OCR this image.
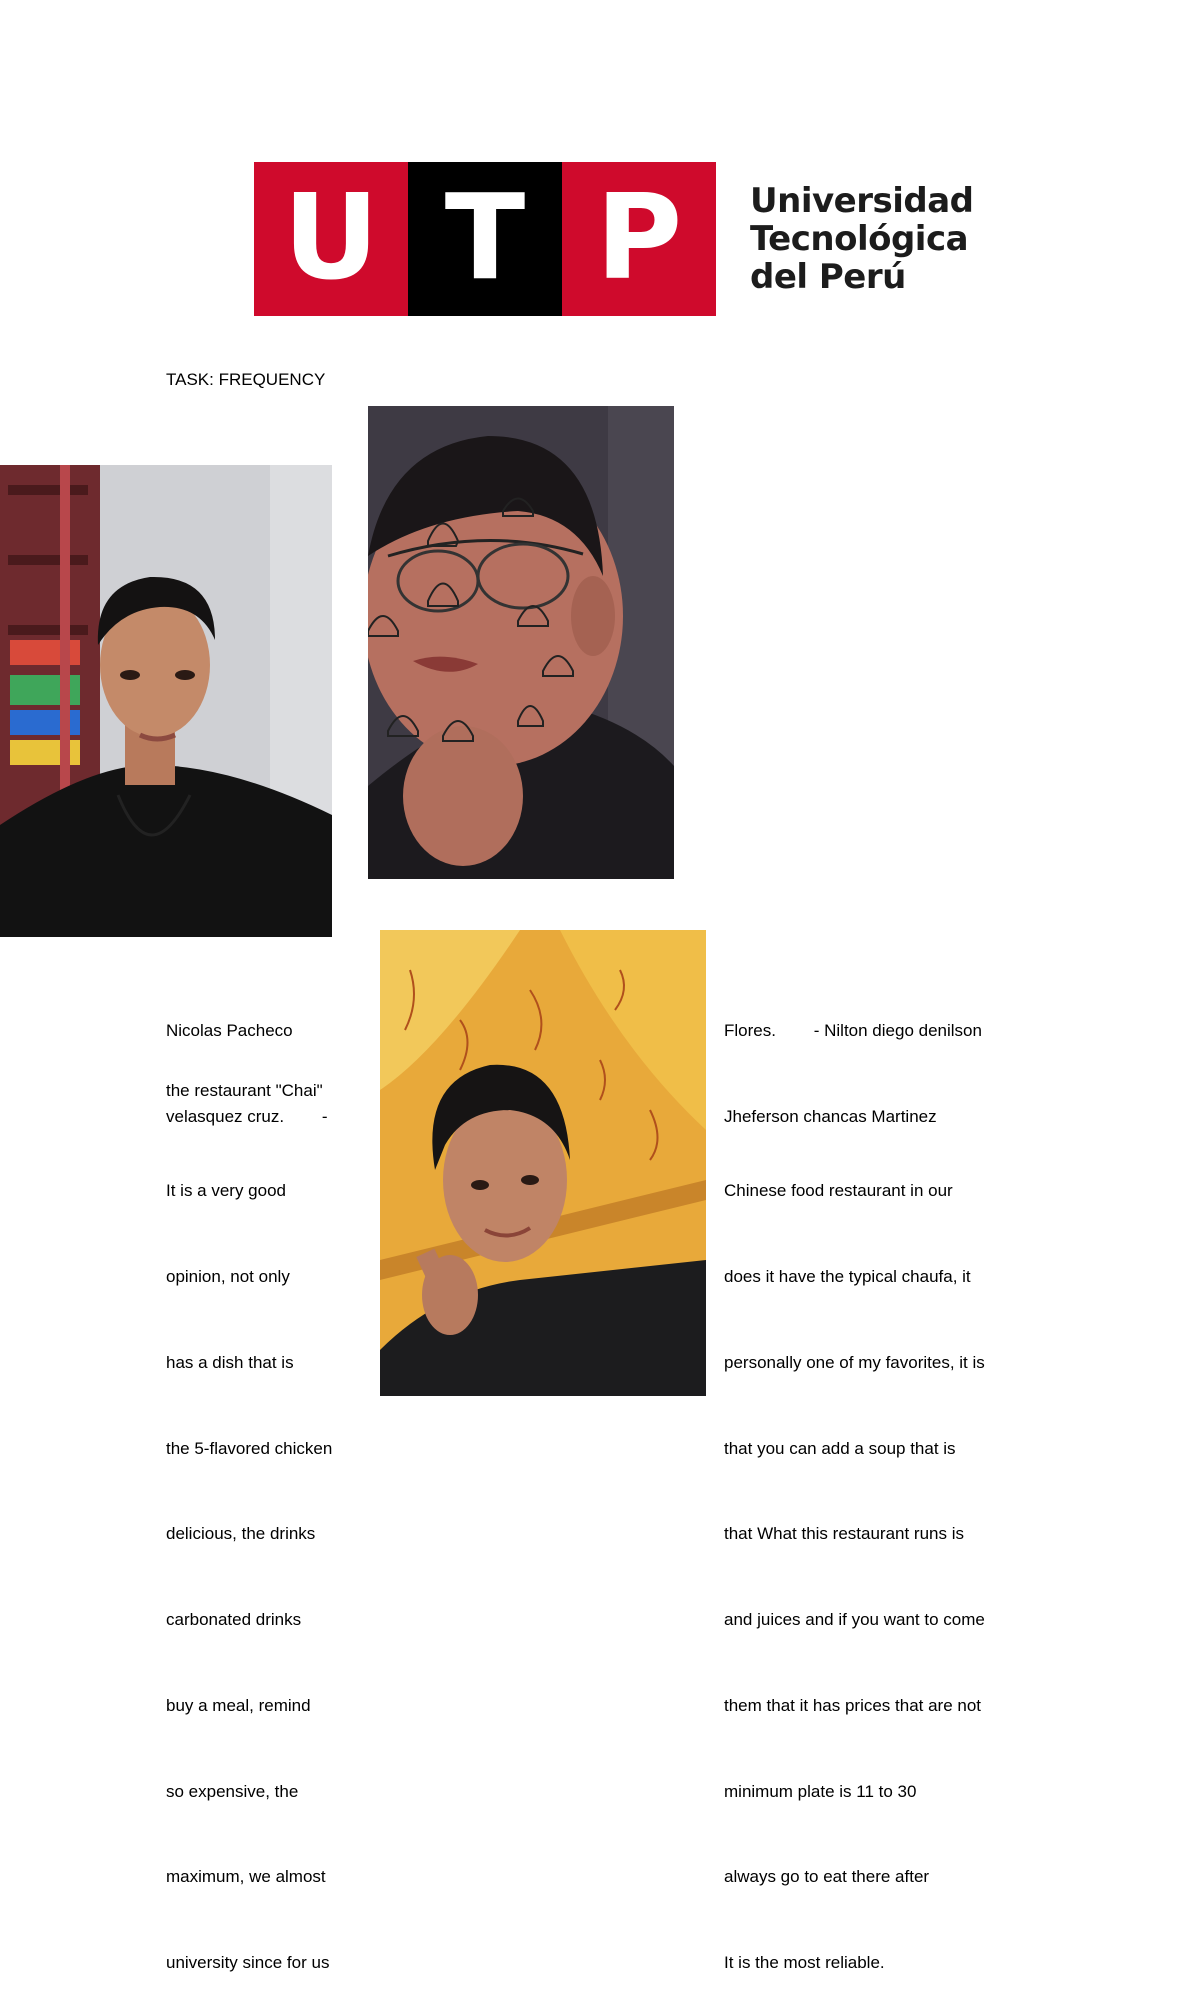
U T P Universidad
Tecnológica
del Perú
TASK: FREQUENCY

Nicolas Pacheco

velasquez cruz.        -

Flores.        - Nilton diego denilson

Jheferson chancas Martinez

the restaurant "Chai"

It is a very good

opinion, not only

has a dish that is

the 5-flavored chicken

delicious, the drinks

carbonated drinks

buy a meal, remind

so expensive, the

maximum, we almost

university since for us

Chinese food restaurant in our

does it have the typical chaufa, it

personally one of my favorites, it is

that you can add a soup that is

that What this restaurant runs is

and juices and if you want to come

them that it has prices that are not

minimum plate is 11 to 30

always go to eat there after

It is the most reliable.
